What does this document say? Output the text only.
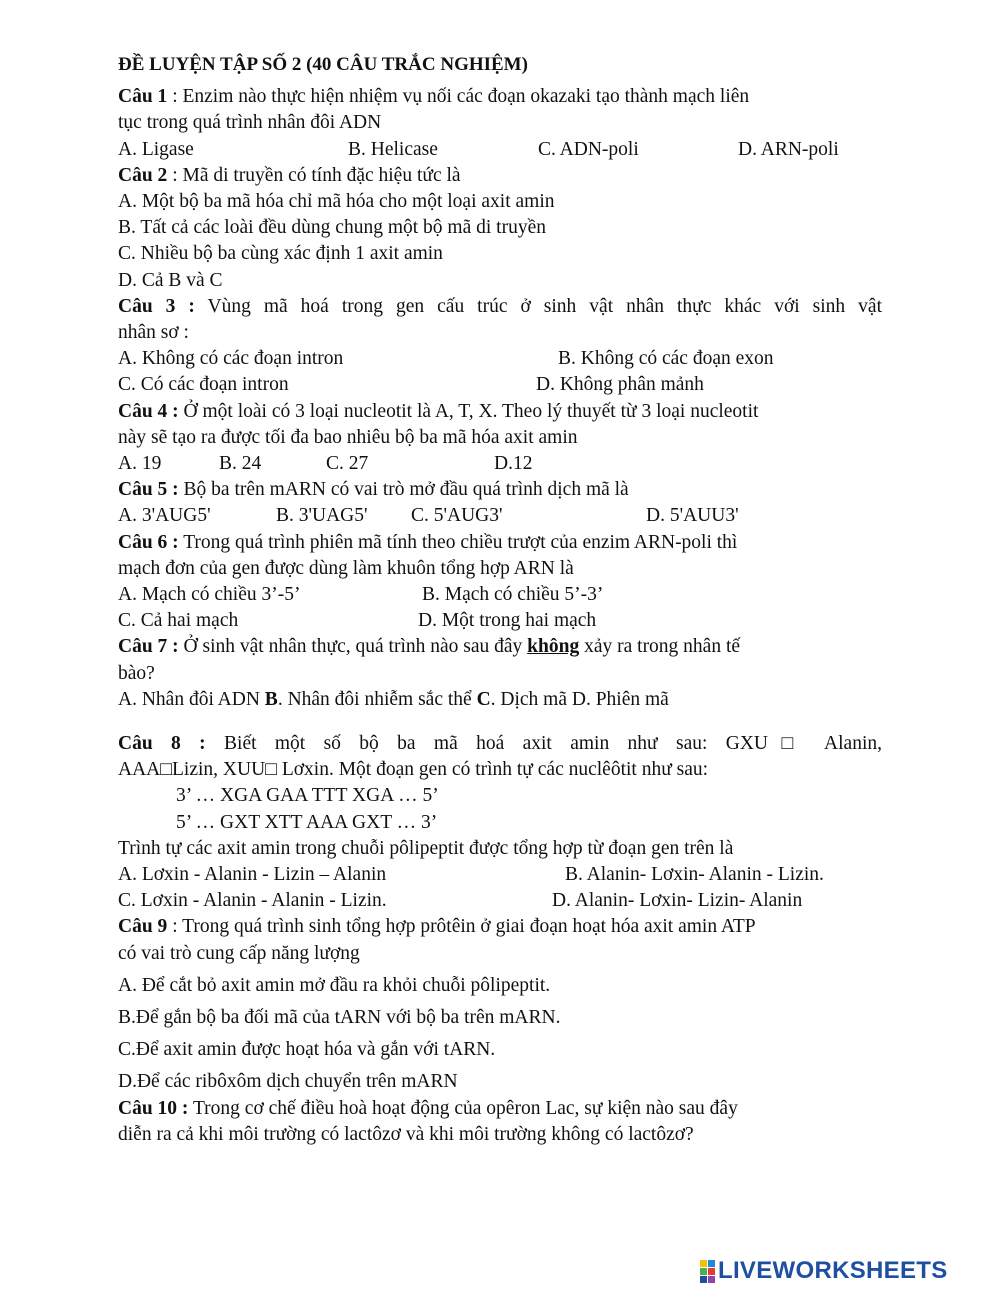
ĐỀ LUYỆN TẬP SỐ 2 (40 CÂU TRẮC NGHIỆM)
Câu 1 : Enzim nào thực hiện nhiệm vụ nối các đoạn okazaki tạo thành mạch liên
tục trong quá trình nhân đôi ADN
A. Ligase	B. Helicase	C. ADN-poli	D. ARN-poli
Câu 2 : Mã di truyền có tính đặc hiệu tức là
A. Một bộ ba mã hóa chỉ mã hóa cho một loại axit amin
B. Tất cả các loài đều dùng chung một bộ mã di truyền
C. Nhiều bộ ba cùng xác định 1 axit amin
D. Cả B và C
Câu 3 : Vùng mã hoá trong gen cấu trúc ở sinh vật nhân thực khác với sinh vật
nhân sơ :
A. Không có các đoạn intron	B. Không có các đoạn exon
C. Có các đoạn intron	D. Không phân mảnh
Câu 4 : Ở một loài có 3 loại nucleotit là A, T, X. Theo lý thuyết từ 3 loại nucleotit
này sẽ tạo ra được tối đa bao nhiêu bộ ba mã hóa axit amin
A. 19	B. 24	C. 27	D.12
Câu 5 : Bộ ba trên mARN có vai trò mở đầu quá trình dịch mã là
A. 3'AUG5'	B. 3'UAG5' C. 5'AUG3'	D. 5'AUU3'
Câu 6 : Trong quá trình phiên mã tính theo chiều trượt của enzim ARN-poli thì
mạch đơn của gen được dùng làm khuôn tổng hợp ARN là
A. Mạch có chiều 3’-5’	B. Mạch có chiều 5’-3’
C. Cả hai mạch	D. Một trong hai mạch
Câu 7 : Ở sinh vật nhân thực, quá trình nào sau đây không xảy ra trong nhân tế
bào?
A. Nhân đôi ADN B. Nhân đôi nhiễm sắc thể C. Dịch mã D. Phiên mã
Câu 8 : Biết một số bộ ba mã hoá axit amin như sau: GXU□ Alanin,
AAA□Lizin, XUU□ Lơxin. Một đoạn gen có trình tự các nuclêôtit như sau:
3’ … XGA GAA TTT XGA … 5’
5’ … GXT XTT AAA GXT … 3’
Trình tự các axit amin trong chuỗi pôlipeptit được tổng hợp từ đoạn gen trên là
A. Lơxin - Alanin - Lizin – Alanin	B. Alanin- Lơxin- Alanin - Lizin.
C. Lơxin - Alanin - Alanin - Lizin.	D. Alanin- Lơxin- Lizin- Alanin
Câu 9 : Trong quá trình sinh tổng hợp prôtêin ở giai đoạn hoạt hóa axit amin ATP
có vai trò cung cấp năng lượng
A. Để cắt bỏ axit amin mở đầu ra khỏi chuỗi pôlipeptit.
B.Để gắn bộ ba đối mã của tARN với bộ ba trên mARN.
C.Để axit amin được hoạt hóa và gắn với tARN.
D.Để các ribôxôm dịch chuyển trên mARN
Câu 10 : Trong cơ chế điều hoà hoạt động của opêron Lac, sự kiện nào sau đây
diễn ra cả khi môi trường có lactôzơ và khi môi trường không có lactôzơ?
LIVEWORKSHEETS
